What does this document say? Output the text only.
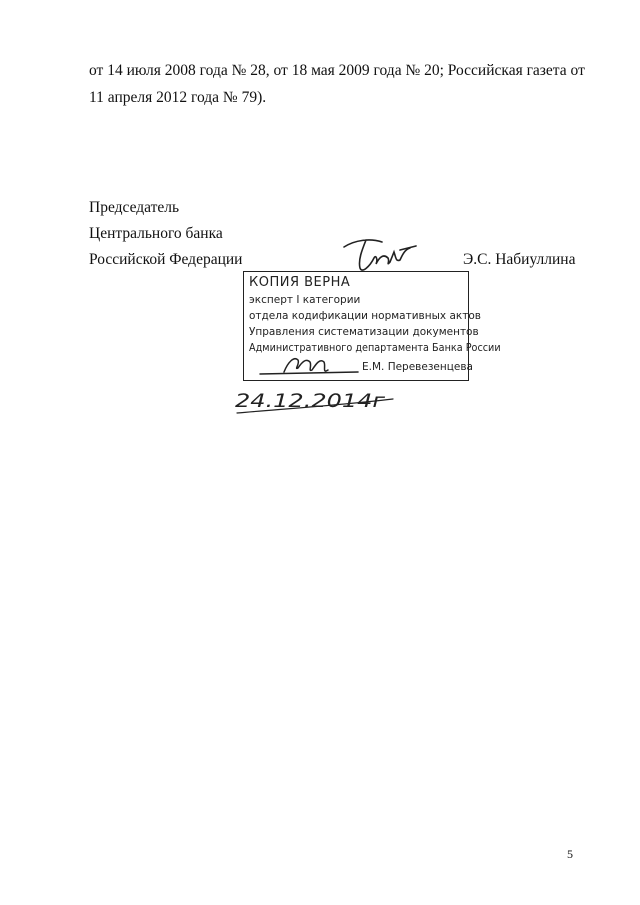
от 14 июля 2008 года № 28, от 18 мая 2009 года № 20; Российская газета от
11 апреля 2012 года № 79).

Председатель
Центрального банка
Российской Федерации	Э.С. Набиуллина
КОПИЯ ВЕРНА
эксперт I категории
отдела кодификации нормативных актов
Управления систематизации документов
Административного департамента Банка России
Е.М. Перевезенцева
24.12.2014г
5
